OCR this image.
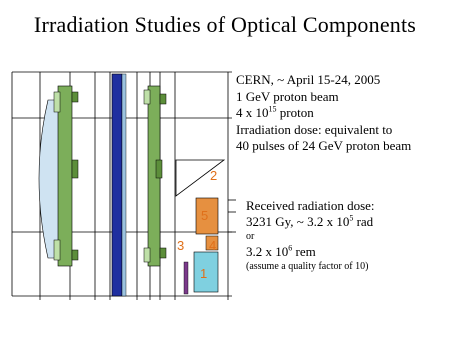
Irradiation Studies of Optical Components
2
5
3 4
1
CERN, ~ April 15-24, 2005
1 GeV proton beam
4 x $10^{15}$ proton
Irradiation dose: equivalent to
40 pulses of 24 GeV proton beam
Received radiation dose:
3231 Gy, ~ 3.2 x $10^5$ rad
or
3.2 x $10^6$ rem
(assume a quality factor of 10)
